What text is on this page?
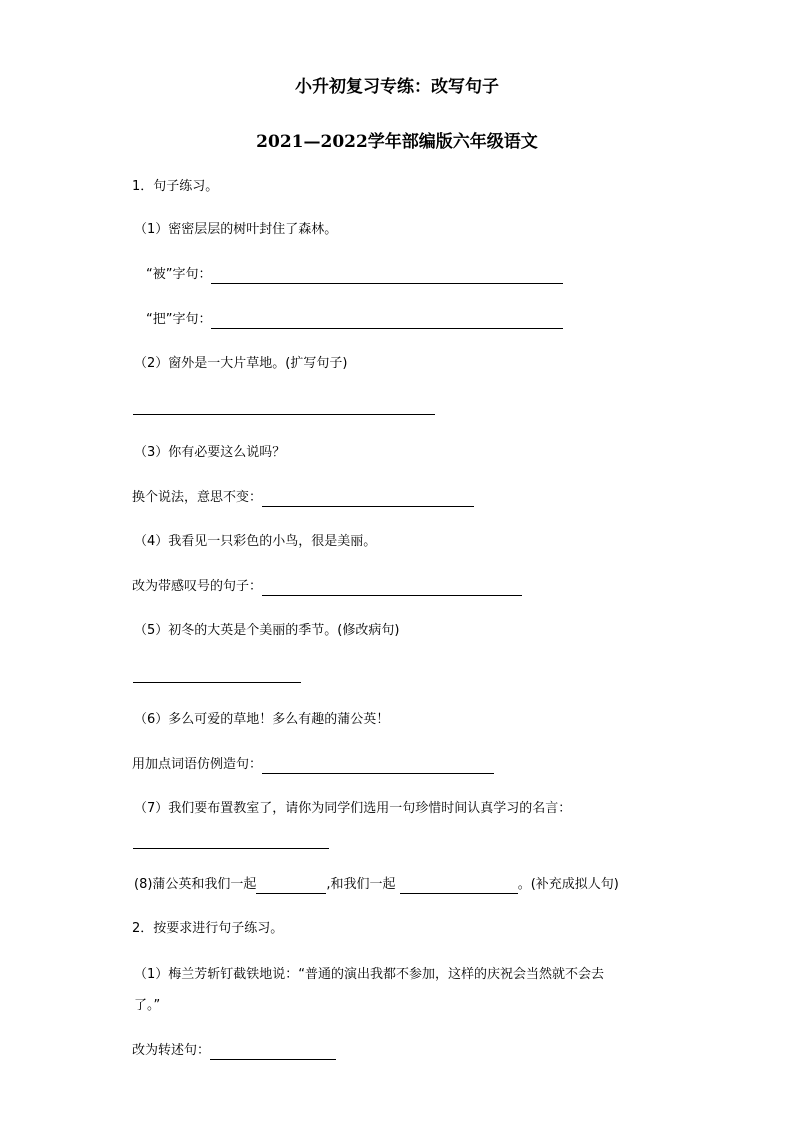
小升初复习专练：改写句子
2021—2022学年部编版六年级语文
1．句子练习。
（1）密密层层的树叶封住了森林。
“被”字句：
“把”字句：
（2）窗外是一大片草地。(扩写句子)
（3）你有必要这么说吗？
换个说法，意思不变：
（4）我看见一只彩色的小鸟，很是美丽。
改为带感叹号的句子：
（5）初冬的大英是个美丽的季节。(修改病句)
（6）多么可爱的草地！多么有趣的蒲公英！
用加点词语仿例造句：
（7）我们要布置教室了，请你为同学们选用一句珍惜时间认真学习的名言：
(8)蒲公英和我们一起	,和我们一起	。(补充成拟人句)
2．按要求进行句子练习。
（1）梅兰芳斩钉截铁地说：“普通的演出我都不参加，这样的庆祝会当然就不会去
了。”
改为转述句：
